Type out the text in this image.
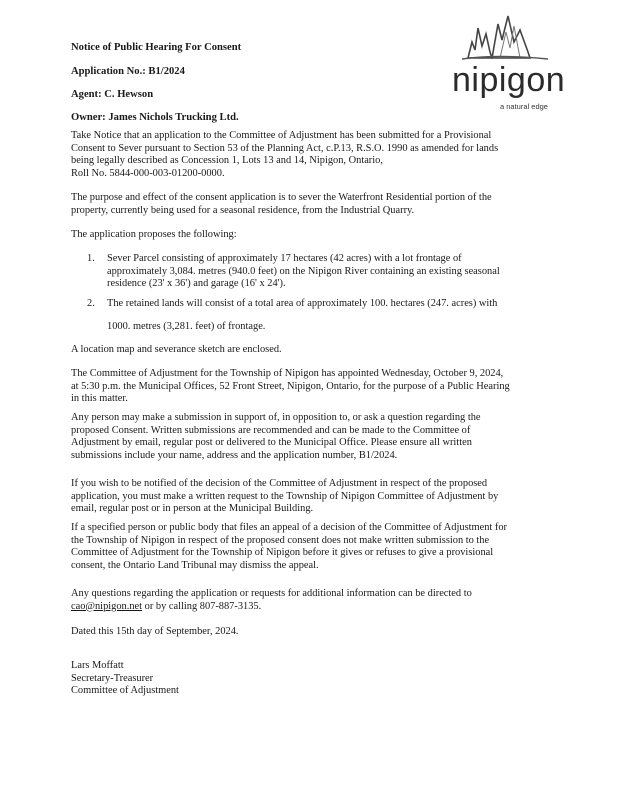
Notice of Public Hearing For Consent
Application No.: B1/2024
Agent: C. Hewson
Owner: James Nichols Trucking Ltd.
nipigon
a natural edge

Take Notice that an application to the Committee of Adjustment has been submitted for a Provisional
Consent to Sever pursuant to Section 53 of the Planning Act, c.P.13, R.S.O. 1990 as amended for lands
being legally described as Concession 1, Lots 13 and 14, Nipigon, Ontario,
Roll No. 5844-000-003-01200-0000.

The purpose and effect of the consent application is to sever the Waterfront Residential portion of the
property, currently being used for a seasonal residence, from the Industrial Quarry.

The application proposes the following:

1. Sever Parcel consisting of approximately 17 hectares (42 acres) with a lot frontage of
approximately 3,084. metres (940.0 feet) on the Nipigon River containing an existing seasonal
residence (23' x 36') and garage (16' x 24').

2. The retained lands will consist of a total area of approximately 100. hectares (247. acres) with

1000. metres (3,281. feet) of frontage.

A location map and severance sketch are enclosed.

The Committee of Adjustment for the Township of Nipigon has appointed Wednesday, October 9, 2024,
at 5:30 p.m. the Municipal Offices, 52 Front Street, Nipigon, Ontario, for the purpose of a Public Hearing
in this matter.

Any person may make a submission in support of, in opposition to, or ask a question regarding the
proposed Consent. Written submissions are recommended and can be made to the Committee of
Adjustment by email, regular post or delivered to the Municipal Office. Please ensure all written
submissions include your name, address and the application number, B1/2024.

If you wish to be notified of the decision of the Committee of Adjustment in respect of the proposed
application, you must make a written request to the Township of Nipigon Committee of Adjustment by
email, regular post or in person at the Municipal Building.

If a specified person or public body that files an appeal of a decision of the Committee of Adjustment for
the Township of Nipigon in respect of the proposed consent does not make written submission to the
Committee of Adjustment for the Township of Nipigon before it gives or refuses to give a provisional
consent, the Ontario Land Tribunal may dismiss the appeal.

Any questions regarding the application or requests for additional information can be directed to
cao@nipigon.net or by calling 807-887-3135.

Dated this 15th day of September, 2024.

Lars Moffatt
Secretary-Treasurer
Committee of Adjustment
